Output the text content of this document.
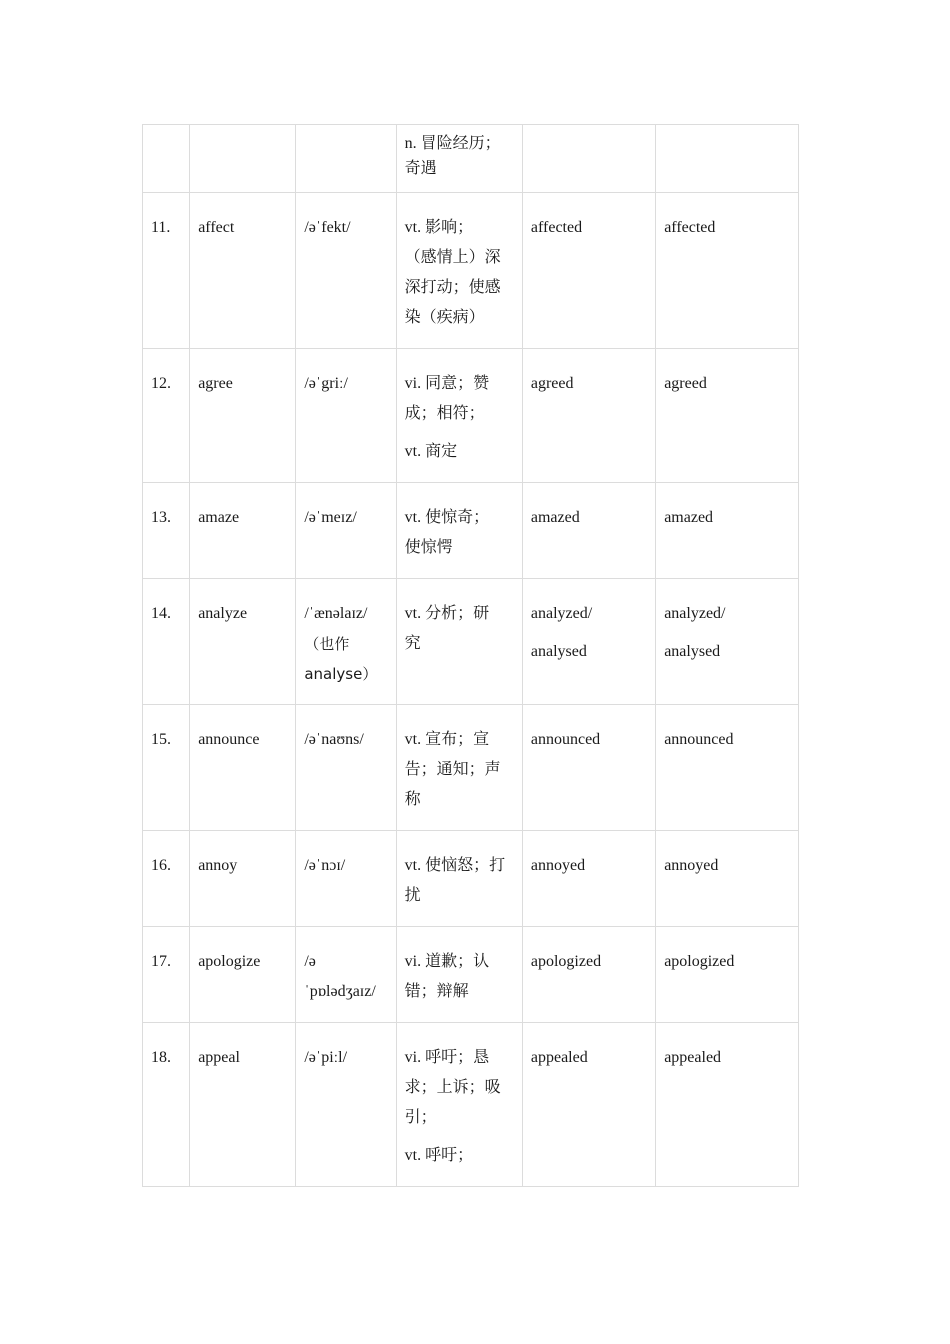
			n. 冒险经历；
奇遇		

11.	affect	/əˈfekt/	vt. 影响；
（感情上）深
深打动；使感
染（疾病）	affected	affected

12.	agree	/əˈgriː/	vi. 同意；赞
成；相符；
vt. 商定	agreed	agreed

13.	amaze	/əˈmeɪz/	vt. 使惊奇；
使惊愕	amazed	amazed

14.	analyze	/ˈænəlaɪz/
（也作
analyse）	vt. 分析；研
究	analyzed/
analysed	analyzed/
analysed

15.	announce	/əˈnaʊns/	vt. 宣布；宣
告；通知；声
称	announced	announced

16.	annoy	/əˈnɔɪ/	vt. 使恼怒；打
扰	annoyed	annoyed

17.	apologize	/ə
ˈpɒlədʒaɪz/	vi. 道歉；认
错；辩解	apologized	apologized

18.	appeal	/əˈpiːl/	vi. 呼吁；恳
求；上诉；吸
引；
vt. 呼吁；	appealed	appealed
